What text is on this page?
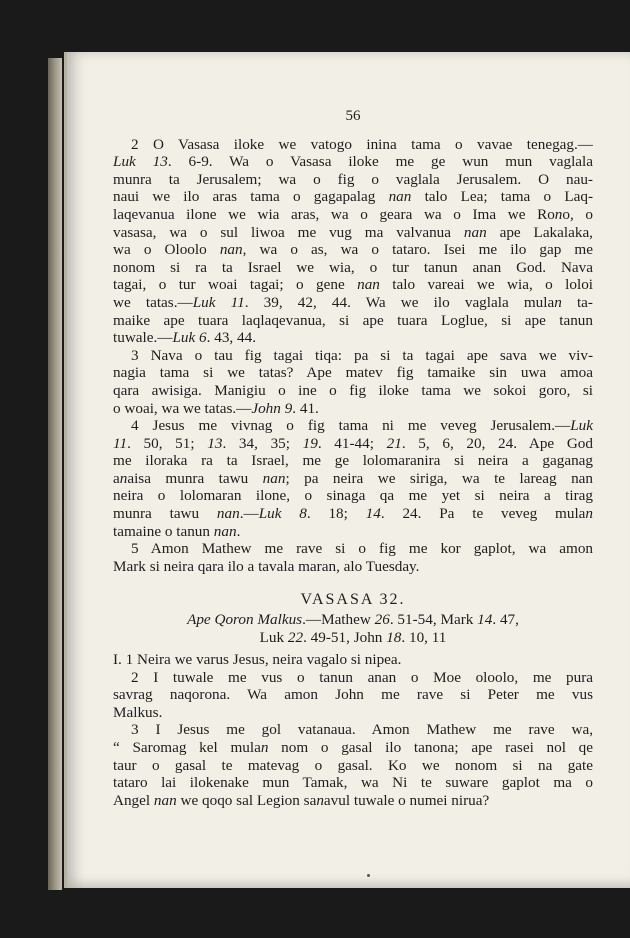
56
2 O Vasasa iloke we vatogo inina tama o vavae tenegag.—
Luk 13. 6-9. Wa o Vasasa iloke me ge wun mun vaglala
munra ta Jerusalem; wa o fig o vaglala Jerusalem. O nau-
naui we ilo aras tama o gagapalag nan talo Lea; tama o Laq-
laqevanua ilone we wia aras, wa o geara wa o Ima we Rono, o
vasasa, wa o sul liwoa me vug ma valvanua nan ape Lakalaka,
wa o Oloolo nan, wa o as, wa o tataro. Isei me ilo gap me
nonom si ra ta Israel we wia, o tur tanun anan God. Nava
tagai, o tur woai tagai; o gene nan talo vareai we wia, o loloi
we tatas.—Luk 11. 39, 42, 44. Wa we ilo vaglala mulan ta-
maike ape tuara laqlaqevanua, si ape tuara Loglue, si ape tanun
tuwale.—Luk 6. 43, 44.
3 Nava o tau fig tagai tiqa: pa si ta tagai ape sava we viv-
nagia tama si we tatas? Ape matev fig tamaike sin uwa amoa
qara awisiga. Manigiu o ine o fig iloke tama we sokoi goro, si
o woai, wa we tatas.—John 9. 41.
4 Jesus me vivnag o fig tama ni me veveg Jerusalem.—Luk
11. 50, 51; 13. 34, 35; 19. 41-44; 21. 5, 6, 20, 24. Ape God
me iloraka ra ta Israel, me ge lolomaranira si neira a gaganag
anaisa munra tawu nan; pa neira we siriga, wa te lareag nan
neira o lolomaran ilone, o sinaga qa me yet si neira a tirag
munra tawu nan.—Luk 8. 18; 14. 24. Pa te veveg mulan
tamaine o tanun nan.
5 Amon Mathew me rave si o fig me kor gaplot, wa amon
Mark si neira qara ilo a tavala maran, alo Tuesday.
VASASA 32.
Ape Qoron Malkus.—Mathew 26. 51-54, Mark 14. 47,
Luk 22. 49-51, John 18. 10, 11
I. 1 Neira we varus Jesus, neira vagalo si nipea.
2 I tuwale me vus o tanun anan o Moe oloolo, me pura
savrag naqorona. Wa amon John me rave si Peter me vus
Malkus.
3 I Jesus me gol vatanaua. Amon Mathew me rave wa,
“ Saromag kel mulan nom o gasal ilo tanona; ape rasei nol qe
taur o gasal te matevag o gasal. Ko we nonom si na gate
tataro lai ilokenake mun Tamak, wa Ni te suware gaplot ma o
Angel nan we qoqo sal Legion sanavul tuwale o numei nirua?
